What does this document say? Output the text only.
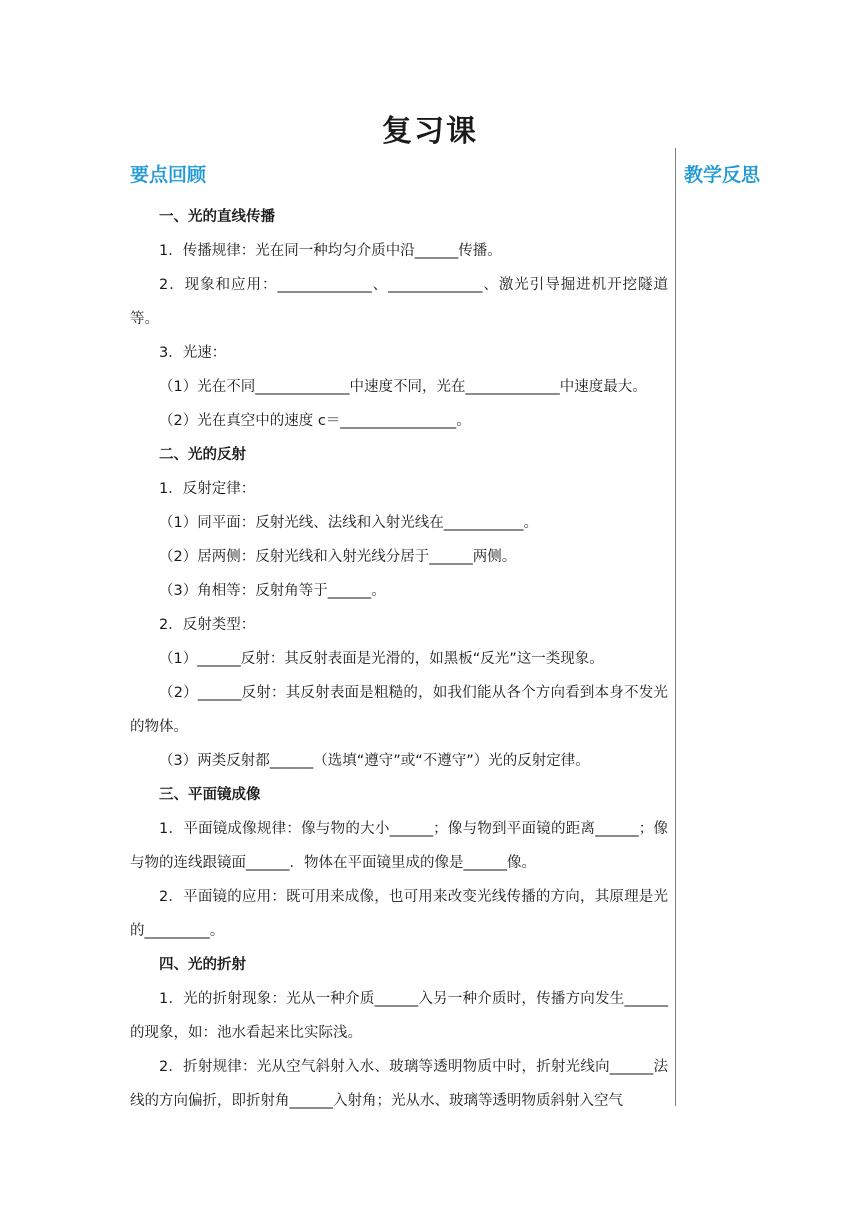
复习课
要点回顾	教学反思

一、光的直线传播

1．传播规律：光在同一种均匀介质中沿______传播。

2．现象和应用：_____________、_____________、激光引导掘进机开挖隧道等。

3．光速：

（1）光在不同_____________中速度不同，光在_____________中速度最大。

（2）光在真空中的速度 c＝________________。

二、光的反射

1．反射定律：

（1）同平面：反射光线、法线和入射光线在___________。

（2）居两侧：反射光线和入射光线分居于______两侧。

（3）角相等：反射角等于______。

2．反射类型：

（1）______反射：其反射表面是光滑的，如黑板“反光”这一类现象。

（2）______反射：其反射表面是粗糙的，如我们能从各个方向看到本身不发光的物体。

（3）两类反射都______（选填“遵守”或“不遵守”）光的反射定律。

三、平面镜成像

1．平面镜成像规律：像与物的大小______；像与物到平面镜的距离______；像与物的连线跟镜面______．物体在平面镜里成的像是______像。

2．平面镜的应用：既可用来成像，也可用来改变光线传播的方向，其原理是光的_________。

四、光的折射

1．光的折射现象：光从一种介质______入另一种介质时，传播方向发生______的现象，如：池水看起来比实际浅。

2．折射规律：光从空气斜射入水、玻璃等透明物质中时，折射光线向______法线的方向偏折，即折射角______入射角；光从水、玻璃等透明物质斜射入空气
